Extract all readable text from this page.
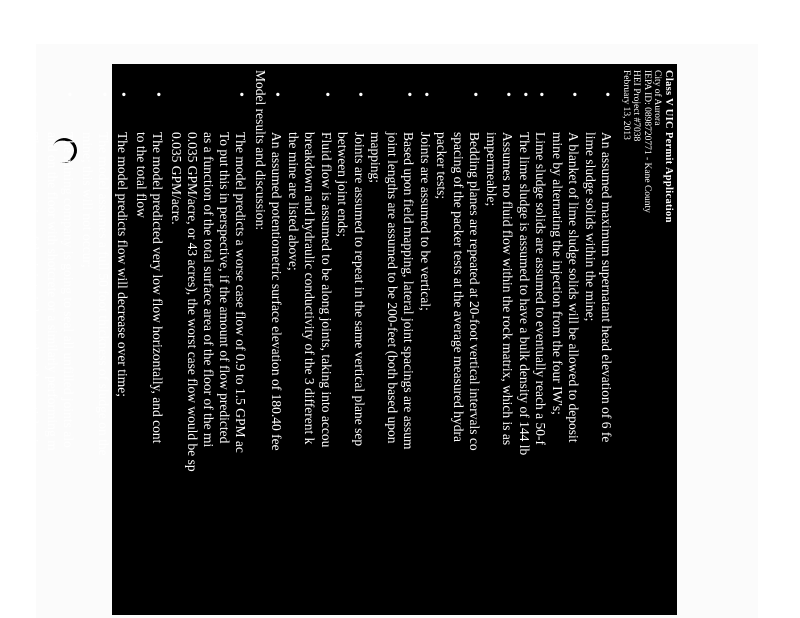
Class V UIC Permit Application
City of Aurora
IEPA ID: 0898720771 - Kane County
HEI Project #7038
February 13, 2013
• An assumed maximum supernatant head elevation of 6 fe
lime sludge solids within the mine;
• A blanket of lime sludge solids will be allowed to deposit
mine by alternating the injection from the four IW's;
• Lime sludge solids are assumed to eventually reach a 50-f
• The lime sludge is assumed to have a bulk density of 144 lb
• Assumes no fluid flow within the rock matrix, which is as
impermeable;
• Bedding planes are repeated at 20-foot vertical intervals co
spacing of the packer tests at the average measured hydra
packer tests;
• Joints are assumed to be vertical;
• Based upon field mapping, lateral joint spacings are assum
joint lengths are assumed to be 200-feet (both based upon
mapping;
• Joints are assumed to repeat in the same vertical plane sep
between joint ends;
• Fluid flow is assumed to be along joints, taking into accou
breakdown and hydraulic conductivity of the 3 different k
the mine are listed above;
• An assumed potentiometric surface elevation of 180.40 fee
Model results and discussion:
• The model predicts a worse case flow of 0.9 to 1.5 GPM ac
To put this in perspective, if the amount of flow predicted
as a function of the total surface area of the floor of the mi
0.035 GPM/acre, or 43 acres), the worst case flow would be sp
0.035 GPM/acre.
• The model predicted very low flow horizontally, and cont
to the total flow
• The model predicts flow will decrease over time;
• The model assumes a full 50 foot thickness of sludge on the
mine; this will not occur;
• The mining company is going to seal all unfilled joints alo
and on the floor with shotcrete or a similarly performing m
• The aperture size of the joints is larger than the particle siz
with an average D50 grain size was 0.0129 mm versus the
